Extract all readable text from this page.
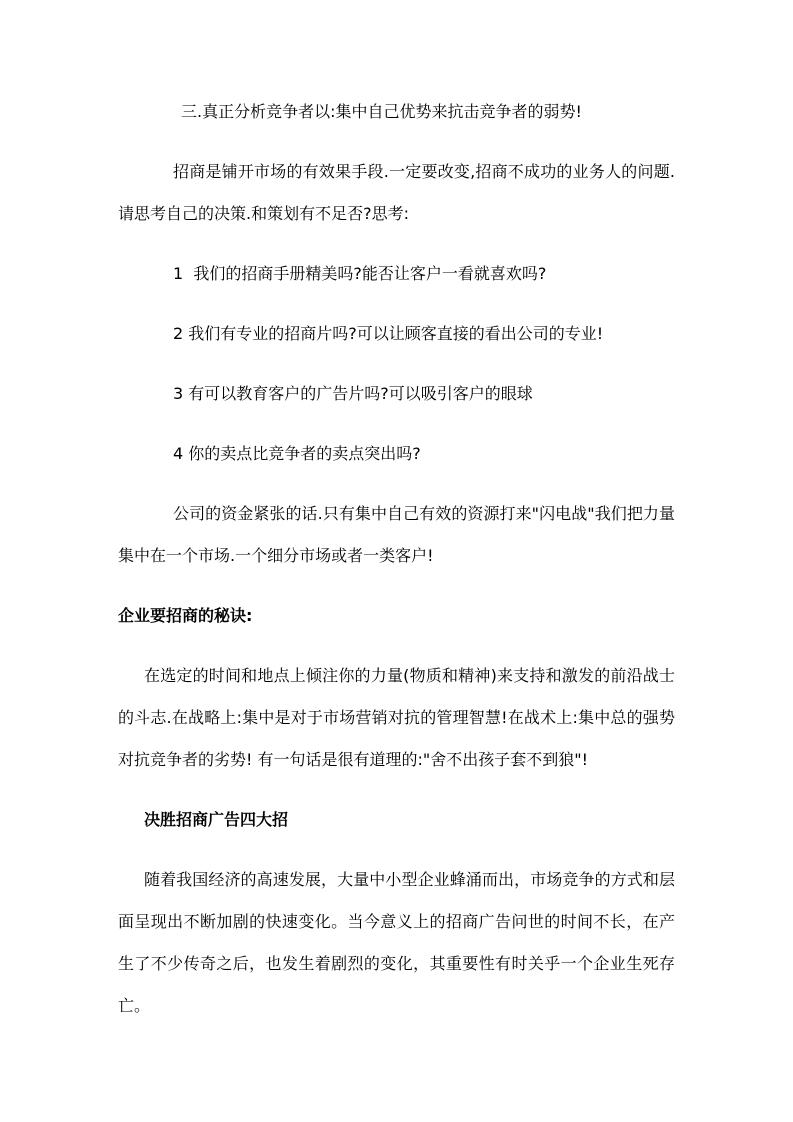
三.真正分析竞争者以:集中自己优势来抗击竞争者的弱势!

招商是铺开市场的有效果手段.一定要改变,招商不成功的业务人的问题.请思考自己的决策.和策划有不足否?思考:

1  我们的招商手册精美吗?能否让客户一看就喜欢吗?

2 我们有专业的招商片吗?可以让顾客直接的看出公司的专业!

3 有可以教育客户的广告片吗?可以吸引客户的眼球

4 你的卖点比竞争者的卖点突出吗?

公司的资金紧张的话.只有集中自己有效的资源打来"闪电战"我们把力量集中在一个市场.一个细分市场或者一类客户!

企业要招商的秘诀:

在选定的时间和地点上倾注你的力量(物质和精神)来支持和激发的前沿战士的斗志.在战略上:集中是对于市场营销对抗的管理智慧!在战术上:集中总的强势对抗竞争者的劣势! 有一句话是很有道理的:"舍不出孩子套不到狼"!

决胜招商广告四大招

随着我国经济的高速发展，大量中小型企业蜂涌而出，市场竞争的方式和层面呈现出不断加剧的快速变化。当今意义上的招商广告问世的时间不长，在产生了不少传奇之后，也发生着剧烈的变化，其重要性有时关乎一个企业生死存亡。
